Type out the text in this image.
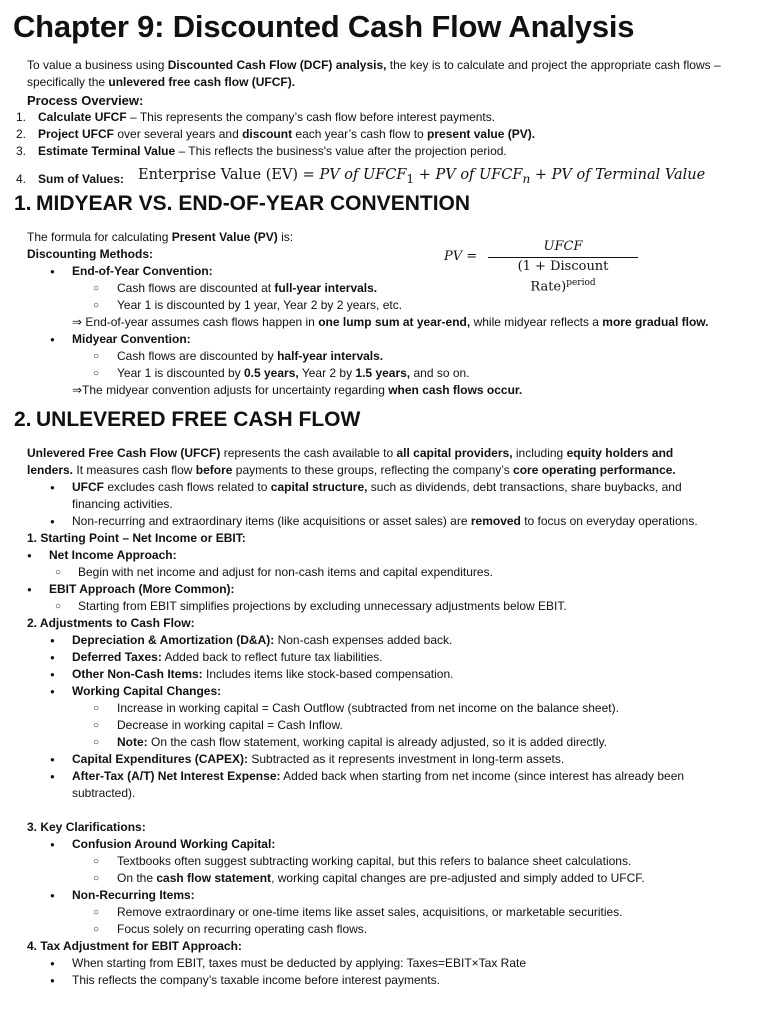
Chapter 9: Discounted Cash Flow Analysis

To value a business using Discounted Cash Flow (DCF) analysis, the key is to calculate and project the appropriate cash flows – specifically the unlevered free cash flow (UFCF).

Process Overview:

1. Calculate UFCF – This represents the company’s cash flow before interest payments.
2. Project UFCF over several years and discount each year’s cash flow to present value (PV).
3. Estimate Terminal Value – This reflects the business's value after the projection period.
4. Sum of Values: Enterprise Value (EV) = PV of $UFCF_1$ + PV of $UFCF_n$ + PV of Terminal Value
1. MIDYEAR VS. END-OF-YEAR CONVENTION
The formula for calculating Present Value (PV) is:
Discounting Methods:
● End-of-Year Convention:
○ Cash flows are discounted at full-year intervals.
○ Year 1 is discounted by 1 year, Year 2 by 2 years, etc.
⇒ End-of-year assumes cash flows happen in one lump sum at year-end, while midyear reflects a more gradual flow.
● Midyear Convention:
○ Cash flows are discounted by half-year intervals.
○ Year 1 is discounted by 0.5 years, Year 2 by 1.5 years, and so on.
⇒The midyear convention adjusts for uncertainty regarding when cash flows occur.
PV =
UFCF
(1 + Discount Rate)$^{period}$
2. UNLEVERED FREE CASH FLOW
Unlevered Free Cash Flow (UFCF) represents the cash available to all capital providers, including equity holders and lenders. It measures cash flow before payments to these groups, reflecting the company’s core operating performance.
● UFCF excludes cash flows related to capital structure, such as dividends, debt transactions, share buybacks, and financing activities.
● Non-recurring and extraordinary items (like acquisitions or asset sales) are removed to focus on everyday operations.
1. Starting Point – Net Income or EBIT:
● Net Income Approach:
○ Begin with net income and adjust for non-cash items and capital expenditures.
● EBIT Approach (More Common):
○ Starting from EBIT simplifies projections by excluding unnecessary adjustments below EBIT.
2. Adjustments to Cash Flow:
● Depreciation & Amortization (D&A): Non-cash expenses added back.
● Deferred Taxes: Added back to reflect future tax liabilities.
● Other Non-Cash Items: Includes items like stock-based compensation.
● Working Capital Changes:
○ Increase in working capital = Cash Outflow (subtracted from net income on the balance sheet).
○ Decrease in working capital = Cash Inflow.
○ Note: On the cash flow statement, working capital is already adjusted, so it is added directly.
● Capital Expenditures (CAPEX): Subtracted as it represents investment in long-term assets.
● After-Tax (A/T) Net Interest Expense: Added back when starting from net income (since interest has already been subtracted).
3. Key Clarifications:
● Confusion Around Working Capital:
○ Textbooks often suggest subtracting working capital, but this refers to balance sheet calculations.
○ On the cash flow statement, working capital changes are pre-adjusted and simply added to UFCF.
● Non-Recurring Items:
○ Remove extraordinary or one-time items like asset sales, acquisitions, or marketable securities.
○ Focus solely on recurring operating cash flows.
4. Tax Adjustment for EBIT Approach:
● When starting from EBIT, taxes must be deducted by applying: Taxes=EBIT×Tax Rate
● This reflects the company’s taxable income before interest payments.
